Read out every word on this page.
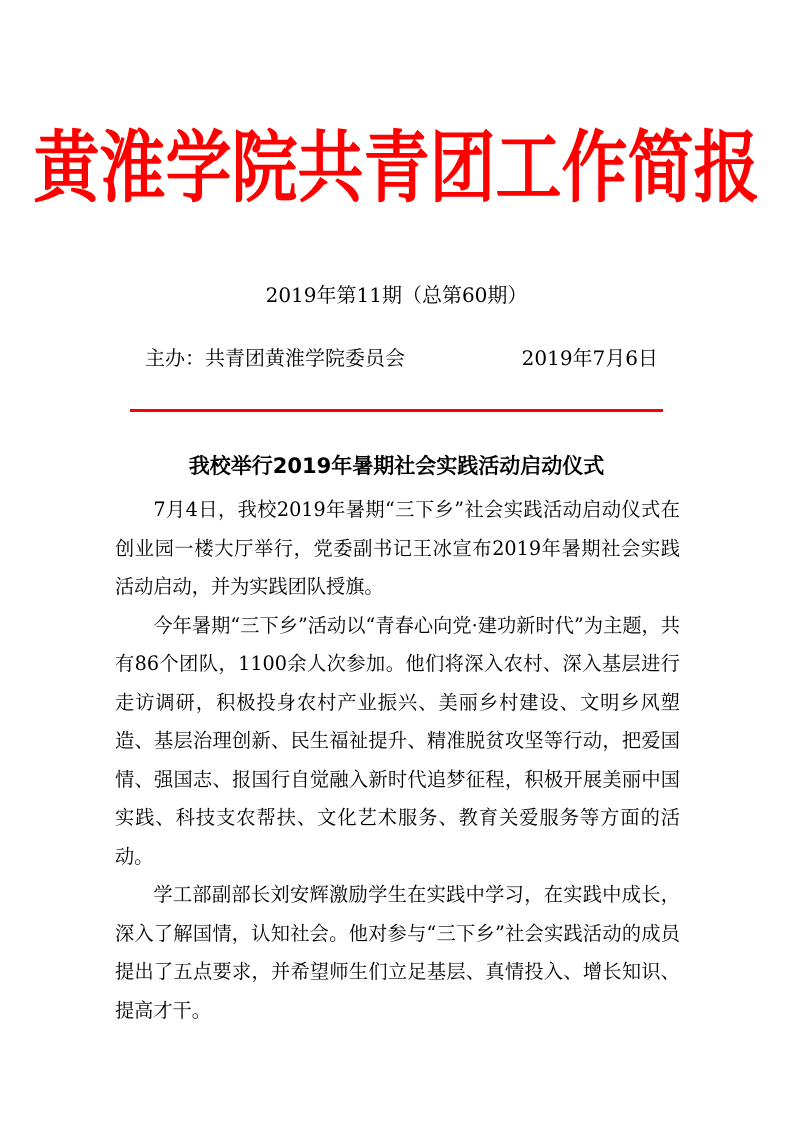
黄淮学院共青团工作简报
2019年第11期（总第60期）
主办：共青团黄淮学院委员会	2019年7月6日
我校举行2019年暑期社会实践活动启动仪式

7月4日，我校2019年暑期“三下乡”社会实践活动启动仪式在创业园一楼大厅举行，党委副书记王冰宣布2019年暑期社会实践活动启动，并为实践团队授旗。

今年暑期“三下乡”活动以“青春心向党·建功新时代”为主题，共有86个团队，1100余人次参加。他们将深入农村、深入基层进行走访调研，积极投身农村产业振兴、美丽乡村建设、文明乡风塑造、基层治理创新、民生福祉提升、精准脱贫攻坚等行动，把爱国情、强国志、报国行自觉融入新时代追梦征程，积极开展美丽中国实践、科技支农帮扶、文化艺术服务、教育关爱服务等方面的活动。

学工部副部长刘安辉激励学生在实践中学习，在实践中成长，深入了解国情，认知社会。他对参与“三下乡”社会实践活动的成员提出了五点要求，并希望师生们立足基层、真情投入、增长知识、提高才干。
